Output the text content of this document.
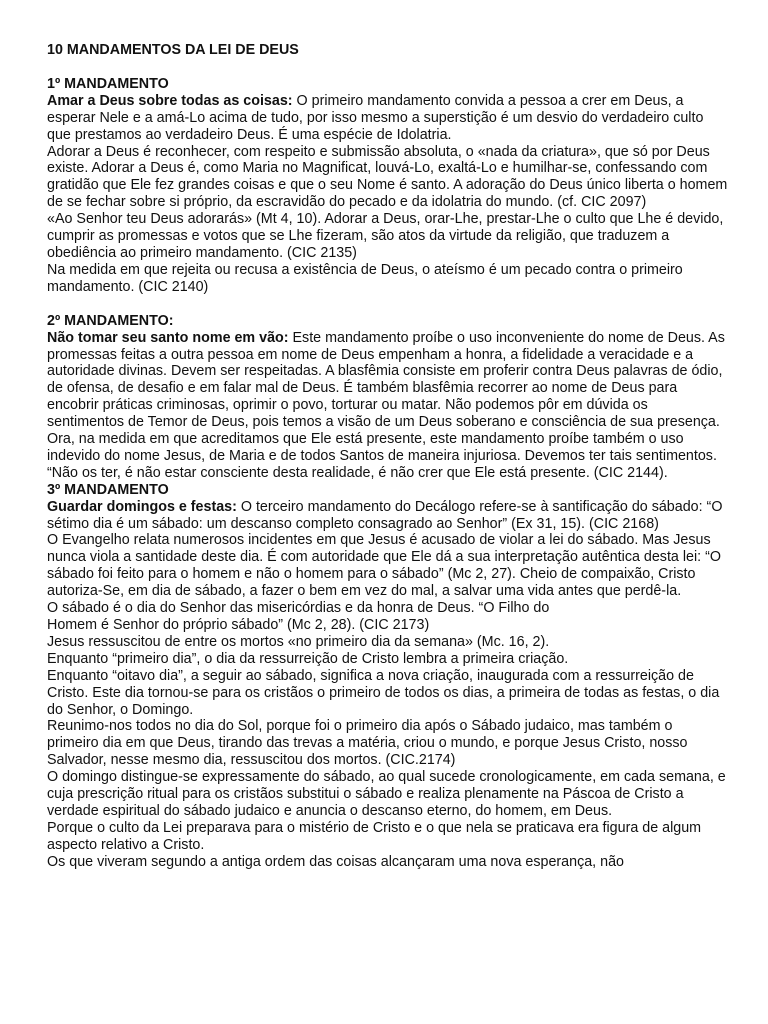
10 MANDAMENTOS DA LEI DE DEUS
1º MANDAMENTO

Amar a Deus sobre todas as coisas: O primeiro mandamento convida a pessoa a crer em Deus, a esperar Nele e a amá-Lo acima de tudo, por isso mesmo a superstição é um desvio do verdadeiro culto que prestamos ao verdadeiro Deus. É uma espécie de Idolatria.

Adorar a Deus é reconhecer, com respeito e submissão absoluta, o «nada da criatura», que só por Deus existe. Adorar a Deus é, como Maria no Magnificat, louvá-Lo, exaltá-Lo e humilhar-se, confessando com gratidão que Ele fez grandes coisas e que o seu Nome é santo. A adoração do Deus único liberta o homem de se fechar sobre si próprio, da escravidão do pecado e da idolatria do mundo. (cf. CIC 2097)

«Ao Senhor teu Deus adorarás» (Mt 4, 10). Adorar a Deus, orar-Lhe, prestar-Lhe o culto que Lhe é devido, cumprir as promessas e votos que se Lhe fizeram, são atos da virtude da religião, que traduzem a obediência ao primeiro mandamento. (CIC 2135)

Na medida em que rejeita ou recusa a existência de Deus, o ateísmo é um pecado contra o primeiro mandamento. (CIC 2140)

2º MANDAMENTO:

Não tomar seu santo nome em vão: Este mandamento proíbe o uso inconveniente do nome de Deus. As promessas feitas a outra pessoa em nome de Deus empenham a honra, a fidelidade a veracidade e a autoridade divinas. Devem ser respeitadas. A blasfêmia consiste em proferir contra Deus palavras de ódio, de ofensa, de desafio e em falar mal de Deus. É também blasfêmia recorrer ao nome de Deus para encobrir práticas criminosas, oprimir o povo, torturar ou matar. Não podemos pôr em dúvida os sentimentos de Temor de Deus, pois temos a visão de um Deus soberano e consciência de sua presença. Ora, na medida em que acreditamos que Ele está presente, este mandamento proíbe também o uso indevido do nome Jesus, de Maria e de todos Santos de maneira injuriosa. Devemos ter tais sentimentos. “Não os ter, é não estar consciente desta realidade, é não crer que Ele está presente. (CIC 2144).

3º MANDAMENTO

Guardar domingos e festas: O terceiro mandamento do Decálogo refere-se à santificação do sábado: “O sétimo dia é um sábado: um descanso completo consagrado ao Senhor” (Ex 31, 15). (CIC 2168)

O Evangelho relata numerosos incidentes em que Jesus é acusado de violar a lei do sábado. Mas Jesus nunca viola a santidade deste dia. É com autoridade que Ele dá a sua interpretação autêntica desta lei: “O sábado foi feito para o homem e não o homem para o sábado” (Mc 2, 27). Cheio de compaixão, Cristo autoriza-Se, em dia de sábado, a fazer o bem em vez do mal, a salvar uma vida antes que perdê-la.

O sábado é o dia do Senhor das misericórdias e da honra de Deus. “O Filho do

Homem é Senhor do próprio sábado” (Mc 2, 28). (CIC 2173)

Jesus ressuscitou de entre os mortos «no primeiro dia da semana» (Mc. 16, 2).

Enquanto “primeiro dia”, o dia da ressurreição de Cristo lembra a primeira criação.

Enquanto “oitavo dia”, a seguir ao sábado, significa a nova criação, inaugurada com a ressurreição de Cristo. Este dia tornou-se para os cristãos o primeiro de todos os dias, a primeira de todas as festas, o dia do Senhor, o Domingo.

Reunimo-nos todos no dia do Sol, porque foi o primeiro dia após o Sábado judaico, mas também o primeiro dia em que Deus, tirando das trevas a matéria, criou o mundo, e porque Jesus Cristo, nosso Salvador, nesse mesmo dia, ressuscitou dos mortos. (CIC.2174)

O domingo distingue-se expressamente do sábado, ao qual sucede cronologicamente, em cada semana, e cuja prescrição ritual para os cristãos substitui o sábado e realiza plenamente na Páscoa de Cristo a verdade espiritual do sábado judaico e anuncia o descanso eterno, do homem, em Deus.

Porque o culto da Lei preparava para o mistério de Cristo e o que nela se praticava era figura de algum aspecto relativo a Cristo.

Os que viveram segundo a antiga ordem das coisas alcançaram uma nova esperança, não
